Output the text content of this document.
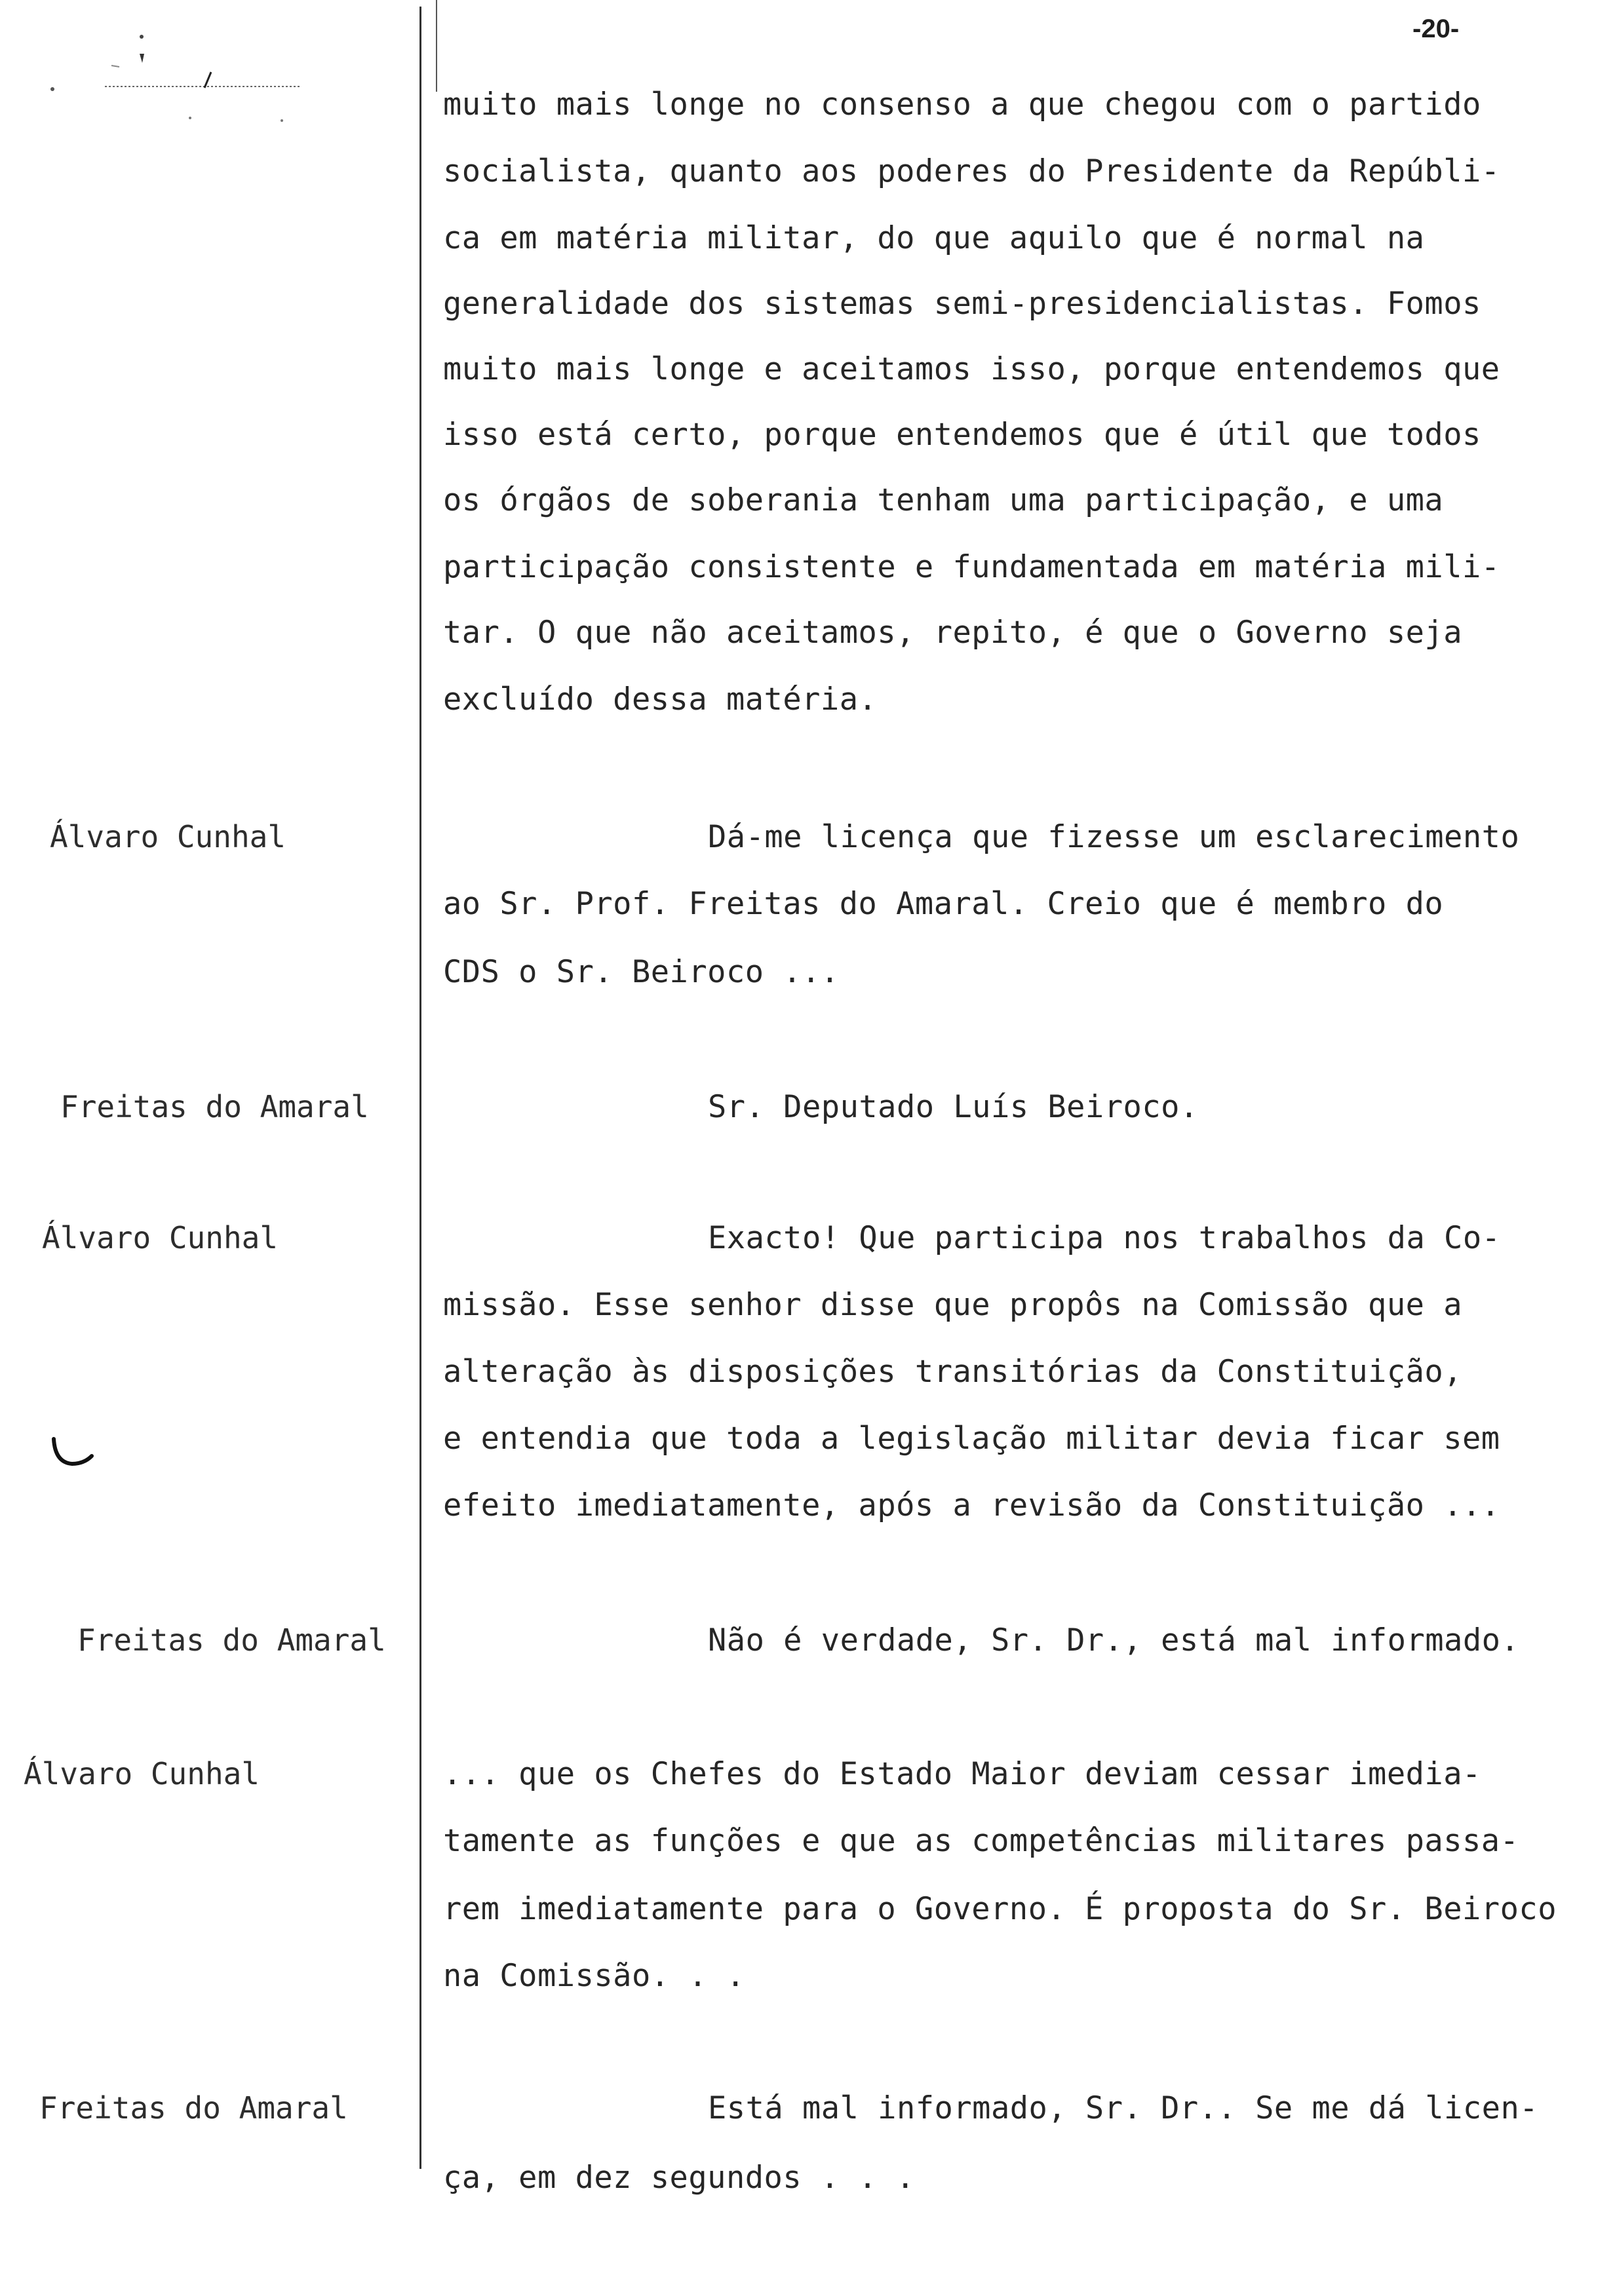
-20-
muito mais longe no consenso a que chegou com o partido
socialista, quanto aos poderes do Presidente da Repúbli-
ca em matéria militar, do que aquilo que é normal na
generalidade dos sistemas semi-presidencialistas. Fomos
muito mais longe e aceitamos isso, porque entendemos que
isso está certo, porque entendemos que é útil que todos
os órgãos de soberania tenham uma participação, e uma
participação consistente e fundamentada em matéria mili-
tar. O que não aceitamos, repito, é que o Governo seja
excluído dessa matéria.
Álvaro Cunhal	Dá-me licença que fizesse um esclarecimento
ao Sr. Prof. Freitas do Amaral. Creio que é membro do
CDS o Sr. Beiroco ...
Freitas do Amaral	Sr. Deputado Luís Beiroco.
Álvaro Cunhal	Exacto! Que participa nos trabalhos da Co-
missão. Esse senhor disse que propôs na Comissão que a
alteração às disposições transitórias da Constituição,
e entendia que toda a legislação militar devia ficar sem
efeito imediatamente, após a revisão da Constituição ...
Freitas do Amaral	Não é verdade, Sr. Dr., está mal informado.
Álvaro Cunhal	... que os Chefes do Estado Maior deviam cessar imedia-
tamente as funções e que as competências militares passa-
rem imediatamente para o Governo. É proposta do Sr. Beiroco
na Comissão. . .
Freitas do Amaral	Está mal informado, Sr. Dr.. Se me dá licen-
ça, em dez segundos . . .
